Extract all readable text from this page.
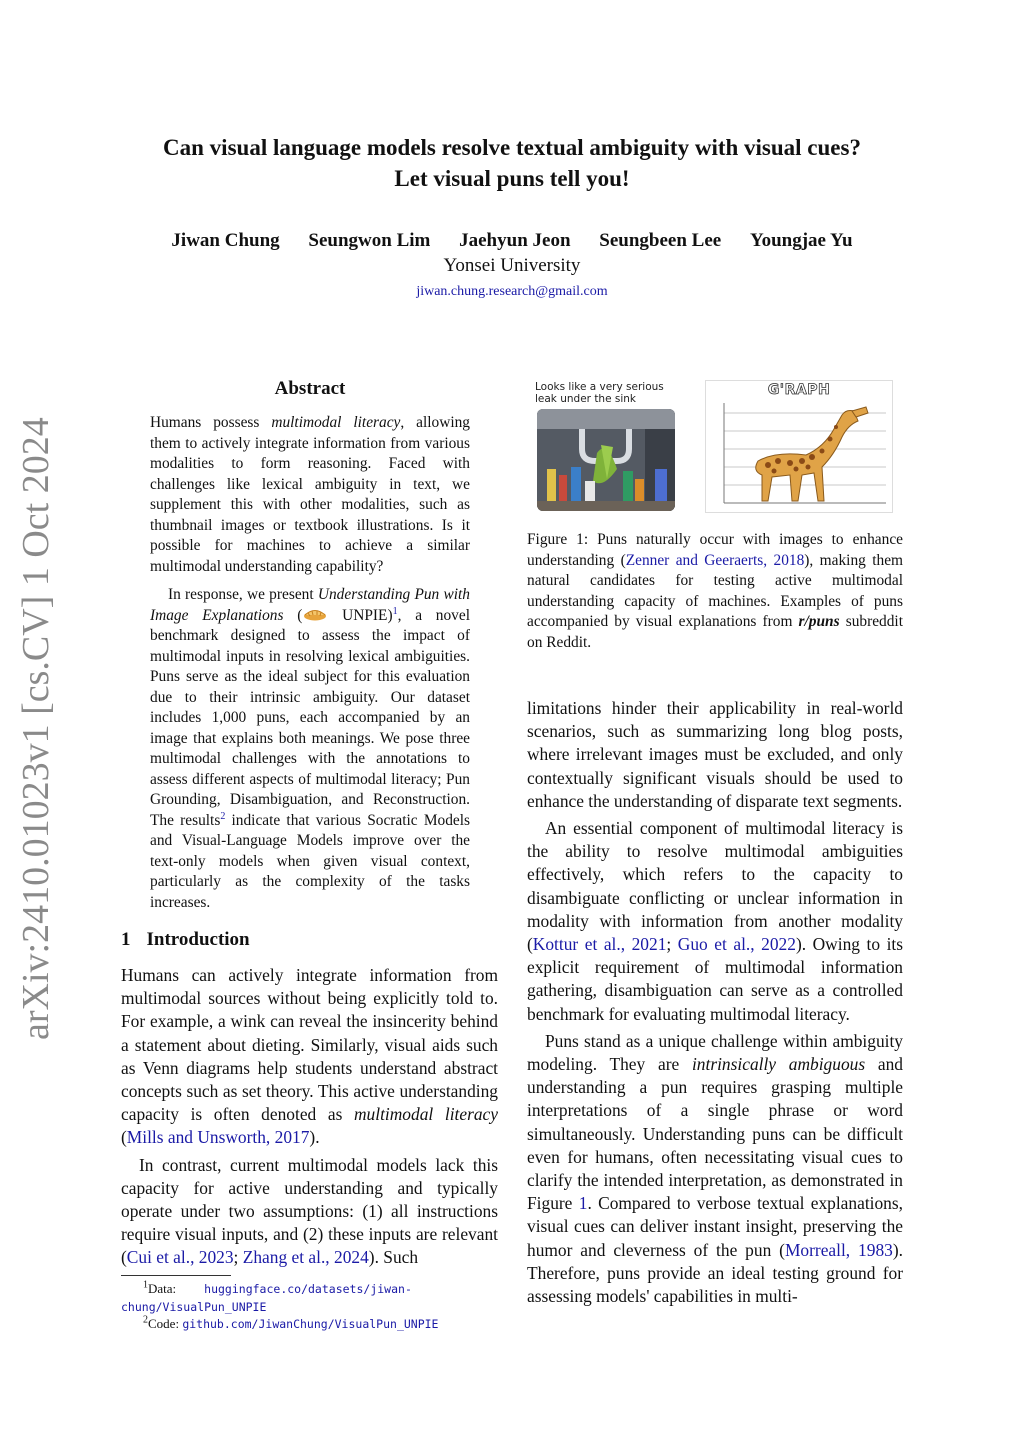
arXiv:2410.01023v1 [cs.CV] 1 Oct 2024
Can visual language models resolve textual ambiguity with visual cues?
Let visual puns tell you!
Jiwan Chung Seungwon Lim Jaehyun Jeon Seungbeen Lee Youngjae Yu
Yonsei University
jiwan.chung.research@gmail.com
Abstract

Humans possess multimodal literacy, allowing them to actively integrate information from various modalities to form reasoning. Faced with challenges like lexical ambiguity in text, we supplement this with other modalities, such as thumbnail images or textbook illustrations. Is it possible for machines to achieve a similar multimodal understanding capability?

In response, we present Understanding Pun with Image Explanations ( UNPIE)$^1$, a novel benchmark designed to assess the impact of multimodal inputs in resolving lexical ambiguities. Puns serve as the ideal subject for this evaluation due to their intrinsic ambiguity. Our dataset includes 1,000 puns, each accompanied by an image that explains both meanings. We pose three multimodal challenges with the annotations to assess different aspects of multimodal literacy; Pun Grounding, Disambiguation, and Reconstruction. The results$^2$ indicate that various Socratic Models and Visual-Language Models improve over the text-only models when given visual context, particularly as the complexity of the tasks increases.

Looks like a very serious leak under the sink
G'RAPH
Figure 1: Puns naturally occur with images to enhance understanding (Zenner and Geeraerts, 2018), making them natural candidates for testing active multimodal understanding capacity of machines. Examples of puns accompanied by visual explanations from r/puns subreddit on Reddit.
1 Introduction

Humans can actively integrate information from multimodal sources without being explicitly told to. For example, a wink can reveal the insincerity behind a statement about dieting. Similarly, visual aids such as Venn diagrams help students understand abstract concepts such as set theory. This active understanding capacity is often denoted as multimodal literacy (Mills and Unsworth, 2017).

In contrast, current multimodal models lack this capacity for active understanding and typically operate under two assumptions: (1) all instructions require visual inputs, and (2) these inputs are relevant (Cui et al., 2023; Zhang et al., 2024). Such

limitations hinder their applicability in real-world scenarios, such as summarizing long blog posts, where irrelevant images must be excluded, and only contextually significant visuals should be used to enhance the understanding of disparate text segments.

An essential component of multimodal literacy is the ability to resolve multimodal ambiguities effectively, which refers to the capacity to disambiguate conflicting or unclear information in modality with information from another modality (Kottur et al., 2021; Guo et al., 2022). Owing to its explicit requirement of multimodal information gathering, disambiguation can serve as a controlled benchmark for evaluating multimodal literacy.

Puns stand as a unique challenge within ambiguity modeling. They are intrinsically ambiguous and understanding a pun requires grasping multiple interpretations of a single phrase or word simultaneously. Understanding puns can be difficult even for humans, often necessitating visual cues to clarify the intended interpretation, as demonstrated in Figure 1. Compared to verbose textual explanations, visual cues can deliver instant insight, preserving the humor and cleverness of the pun (Morreall, 1983). Therefore, puns provide an ideal testing ground for assessing models' capabilities in multi-

$^1$Data: huggingface.co/datasets/jiwan-chung/VisualPun_UNPIE
$^2$Code: github.com/JiwanChung/VisualPun_UNPIE
